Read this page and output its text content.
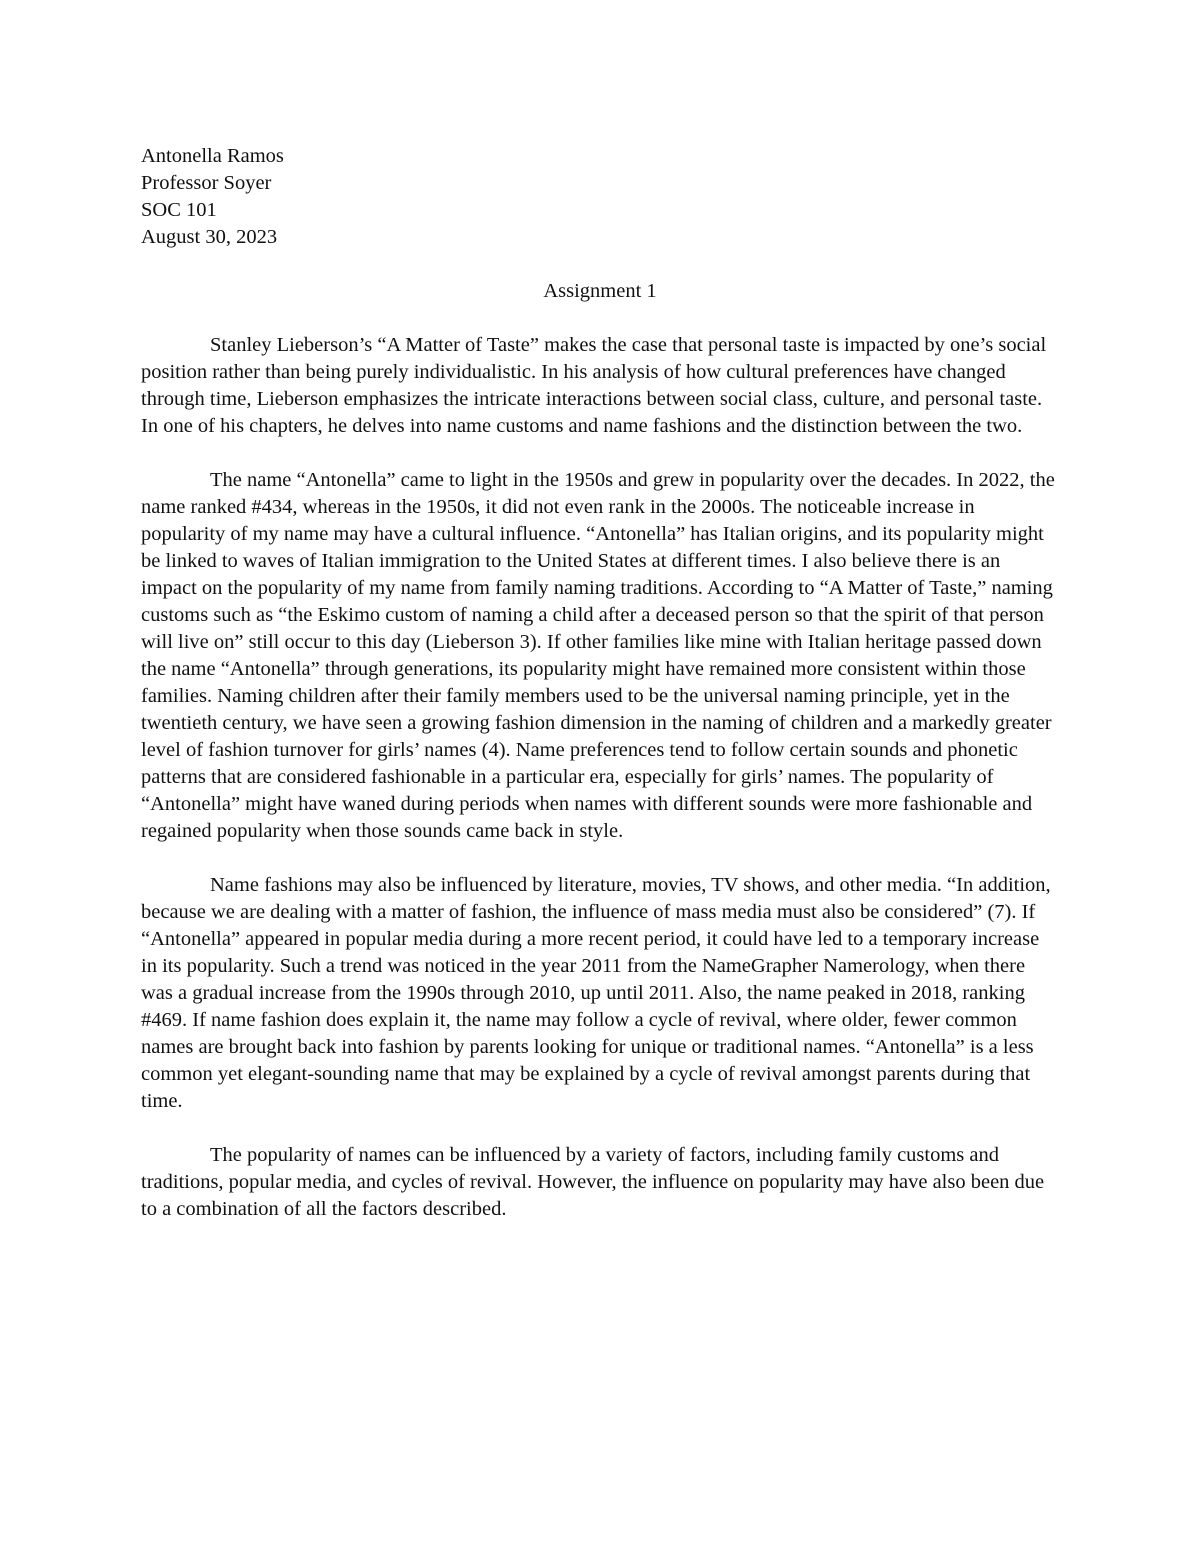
Antonella Ramos
Professor Soyer
SOC 101
August 30, 2023
Assignment 1

Stanley Lieberson’s “A Matter of Taste” makes the case that personal taste is impacted by one’s social position rather than being purely individualistic. In his analysis of how cultural preferences have changed through time, Lieberson emphasizes the intricate interactions between social class, culture, and personal taste. In one of his chapters, he delves into name customs and name fashions and the distinction between the two.

The name “Antonella” came to light in the 1950s and grew in popularity over the decades. In 2022, the name ranked #434, whereas in the 1950s, it did not even rank in the 2000s. The noticeable increase in popularity of my name may have a cultural influence. “Antonella” has Italian origins, and its popularity might be linked to waves of Italian immigration to the United States at different times. I also believe there is an impact on the popularity of my name from family naming traditions. According to “A Matter of Taste,” naming customs such as “the Eskimo custom of naming a child after a deceased person so that the spirit of that person will live on” still occur to this day (Lieberson 3). If other families like mine with Italian heritage passed down the name “Antonella” through generations, its popularity might have remained more consistent within those families. Naming children after their family members used to be the universal naming principle, yet in the twentieth century, we have seen a growing fashion dimension in the naming of children and a markedly greater level of fashion turnover for girls’ names (4). Name preferences tend to follow certain sounds and phonetic patterns that are considered fashionable in a particular era, especially for girls’ names. The popularity of “Antonella” might have waned during periods when names with different sounds were more fashionable and regained popularity when those sounds came back in style.

Name fashions may also be influenced by literature, movies, TV shows, and other media. “In addition, because we are dealing with a matter of fashion, the influence of mass media must also be considered” (7). If “Antonella” appeared in popular media during a more recent period, it could have led to a temporary increase in its popularity. Such a trend was noticed in the year 2011 from the NameGrapher Namerology, when there was a gradual increase from the 1990s through 2010, up until 2011. Also, the name peaked in 2018, ranking #469. If name fashion does explain it, the name may follow a cycle of revival, where older, fewer common names are brought back into fashion by parents looking for unique or traditional names. “Antonella” is a less common yet elegant-sounding name that may be explained by a cycle of revival amongst parents during that time.

The popularity of names can be influenced by a variety of factors, including family customs and traditions, popular media, and cycles of revival. However, the influence on popularity may have also been due to a combination of all the factors described.
